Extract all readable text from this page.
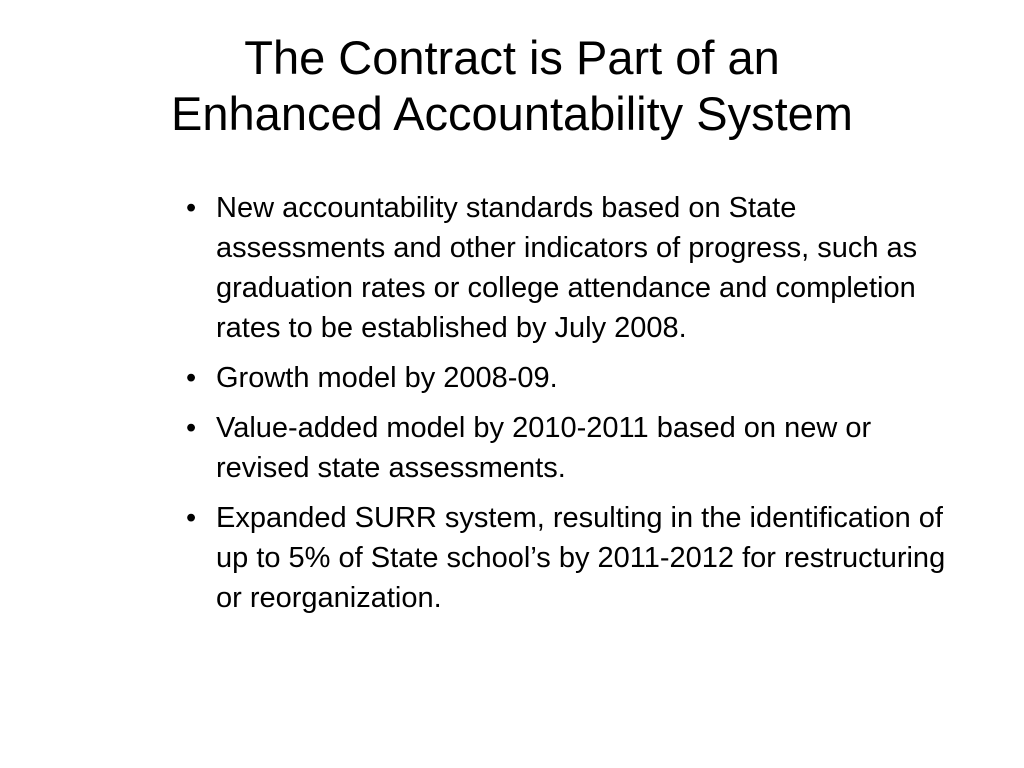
The Contract is Part of an
Enhanced Accountability System
• New accountability standards based on State assessments and other indicators of progress, such as graduation rates or college attendance and completion rates to be established by July 2008.
• Growth model by 2008-09.
• Value-added model by 2010-2011 based on new or revised state assessments.
• Expanded SURR system, resulting in the identification of up to 5% of State school’s by 2011-2012 for restructuring or reorganization.
